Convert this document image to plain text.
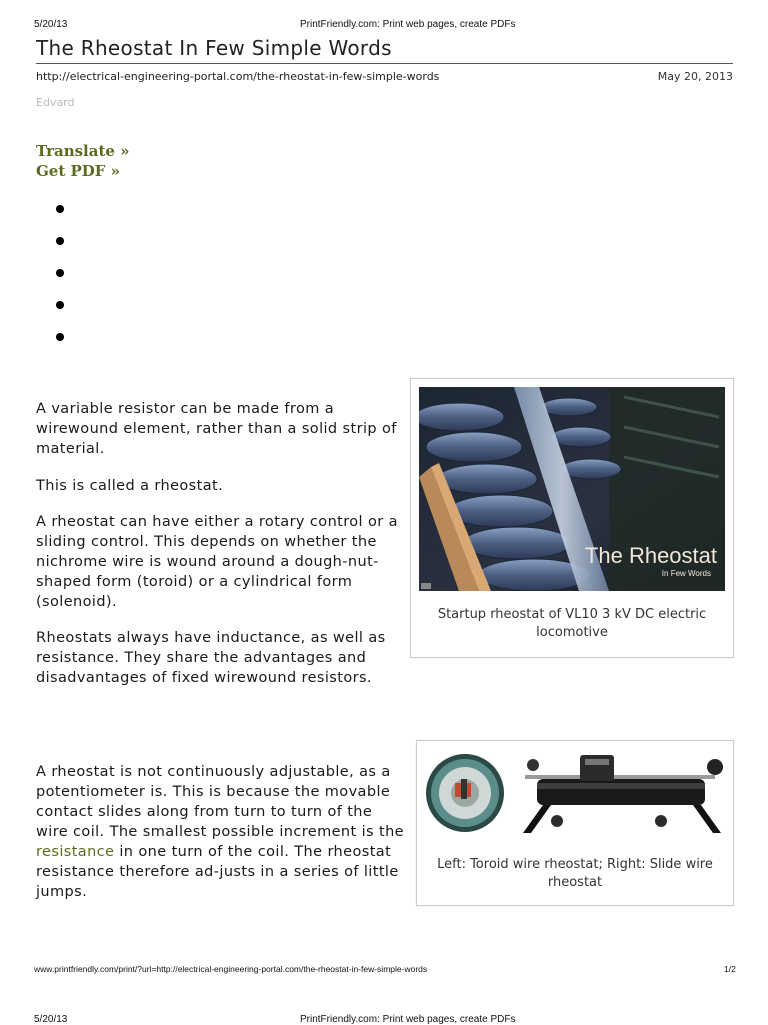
5/20/13	PrintFriendly.com: Print web pages, create PDFs
The Rheostat In Few Simple Words
http://electrical-engineering-portal.com/the-rheostat-in-few-simple-words	May 20, 2013
Edvard
Translate »
Get PDF »

A variable resistor can be made from a wirewound element, rather than a solid strip of material.

This is called a rheostat.

A rheostat can have either a rotary control or a sliding control. This depends on whether the nichrome wire is wound around a dough-nut-shaped form (toroid) or a cylindrical form (solenoid).

Rheostats always have inductance, as well as resistance. They share the advantages and disadvantages of fixed wirewound resistors.

A rheostat is not continuously adjustable, as a potentiometer is. This is because the movable contact slides along from turn to turn of the wire coil. The smallest possible increment is the resistance in one turn of the coil. The rheostat resistance therefore ad-justs in a series of little jumps.

The Rheostat
In Few Words
Startup rheostat of VL10 3 kV DC electric locomotive
Left: Toroid wire rheostat; Right: Slide wire rheostat
www.printfriendly.com/print/?url=http://electrical-engineering-portal.com/the-rheostat-in-few-simple-words	1/2
5/20/13	PrintFriendly.com: Print web pages, create PDFs
